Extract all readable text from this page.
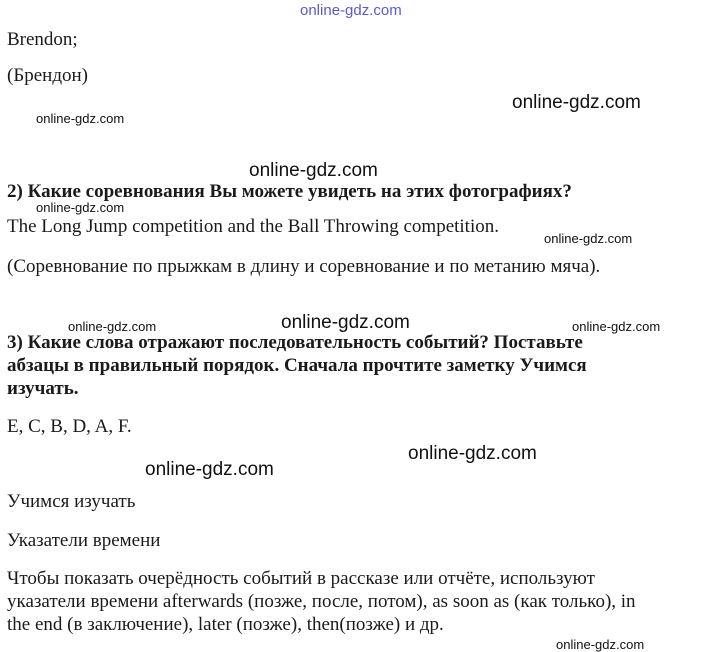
online-gdz.com
online-gdz.com
online-gdz.com
online-gdz.com
online-gdz.com
online-gdz.com
online-gdz.com	online-gdz.com	online-gdz.com
online-gdz.com
online-gdz.com
online-gdz.com
Brendon;
(Брендон)
2) Какие соревнования Вы можете увидеть на этих фотографиях?
The Long Jump competition and the Ball Throwing competition.
(Соревнование по прыжкам в длину и соревнование и по метанию мяча).
3) Какие слова отражают последовательность событий? Поставьте
абзацы в правильный порядок. Сначала прочтите заметку Учимся
изучать.
E, C, B, D, A, F.
Учимся изучать
Указатели времени
Чтобы показать очерёдность событий в рассказе или отчёте, используют
указатели времени afterwards (позже, после, потом), as soon as (как только), in
the end (в заключение), later (позже), then(позже) и др.
